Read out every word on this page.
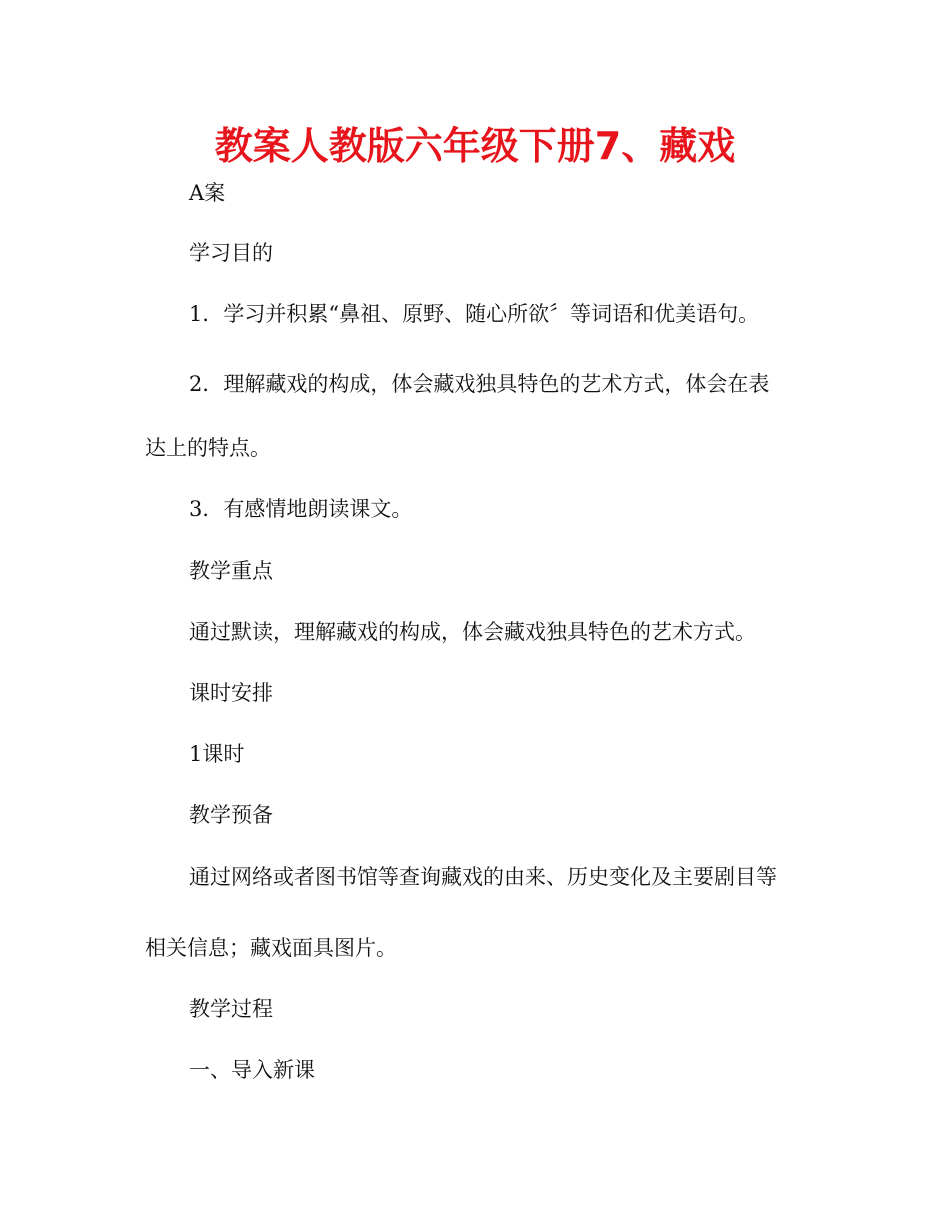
教案人教版六年级下册7、藏戏

A案

学习目的

1．学习并积累“鼻祖、原野、随心所欲〞等词语和优美语句。

2．理解藏戏的构成，体会藏戏独具特色的艺术方式，体会在表

达上的特点。

3．有感情地朗读课文。

教学重点

通过默读，理解藏戏的构成，体会藏戏独具特色的艺术方式。

课时安排

1课时

教学预备

通过网络或者图书馆等查询藏戏的由来、历史变化及主要剧目等

相关信息；藏戏面具图片。

教学过程

一、导入新课
